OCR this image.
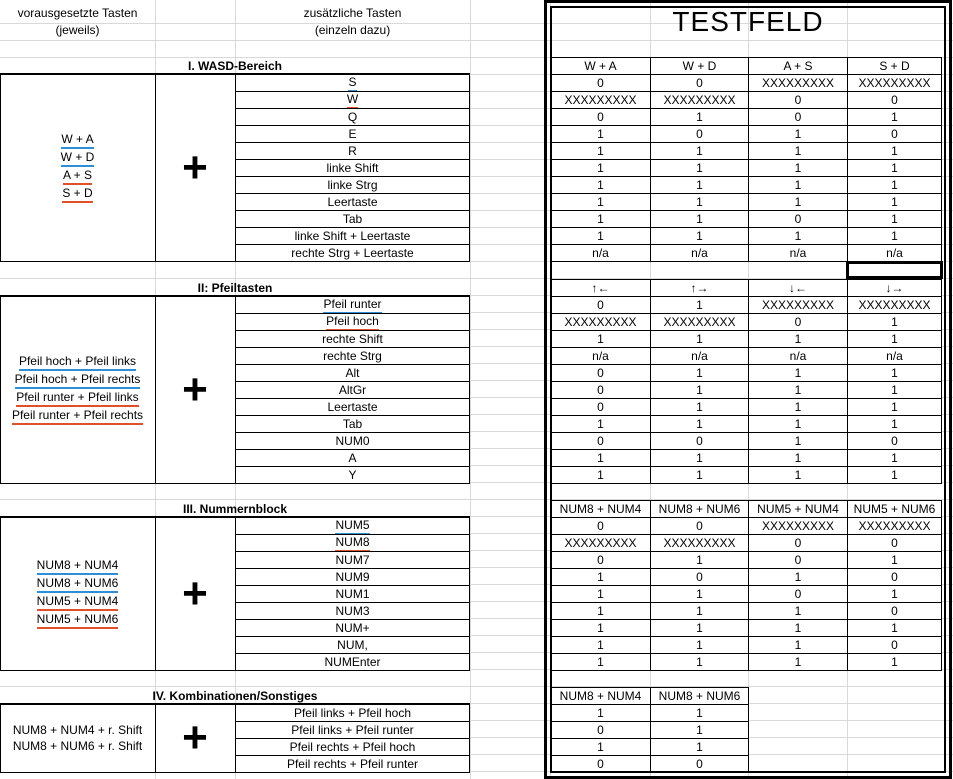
vorausgesetzte Tasten
(jeweils)
zusätzliche Tasten
(einzeln dazu)
I. WASD-Bereich
W + A
W + D
A + S
S + D
+
S
W
Q
E
R
linke Shift
linke Strg
Leertaste
Tab
linke Shift + Leertaste
rechte Strg + Leertaste
W + A	W + D	A + S	S + D
0	0	XXXXXXXXX	XXXXXXXXX
XXXXXXXXX	XXXXXXXXX	0	0
0	1	0	1
1	0	1	0
1	1	1	1
1	1	1	1
1	1	1	1
1	1	1	1
1	1	0	1
1	1	1	1
n/a	n/a	n/a	n/a
II: Pfeiltasten
Pfeil hoch + Pfeil links
Pfeil hoch + Pfeil rechts
Pfeil runter + Pfeil links
Pfeil runter + Pfeil rechts
+
Pfeil runter
Pfeil hoch
rechte Shift
rechte Strg
Alt
AltGr
Leertaste
Tab
NUM0
A
Y
↑←	↑→	↓←	↓→
0	1	XXXXXXXXX	XXXXXXXXX
XXXXXXXXX	XXXXXXXXX	0	1
1	1	1	1
n/a	n/a	n/a	n/a
0	1	1	1
0	1	1	1
0	1	1	1
1	1	1	1
0	0	1	0
1	1	1	1
1	1	1	1
III. Nummernblock
NUM8 + NUM4
NUM8 + NUM6
NUM5 + NUM4
NUM5 + NUM6
+
NUM5
NUM8
NUM7
NUM9
NUM1
NUM3
NUM+
NUM,
NUMEnter
NUM8 + NUM4	NUM8 + NUM6	NUM5 + NUM4	NUM5 + NUM6
0	0	XXXXXXXXX	XXXXXXXXX
XXXXXXXXX	XXXXXXXXX	0	0
0	1	0	1
1	0	1	0
1	1	0	1
1	1	1	0
1	1	1	1
1	1	1	0
1	1	1	1
IV. Kombinationen/Sonstiges
NUM8 + NUM4 + r. Shift
NUM8 + NUM6 + r. Shift +
Pfeil links + Pfeil hoch
Pfeil links + Pfeil runter
Pfeil rechts + Pfeil hoch
Pfeil rechts + Pfeil runter
NUM8 + NUM4	NUM8 + NUM6
1	1
0	1
1	1
0	0
TESTFELD
